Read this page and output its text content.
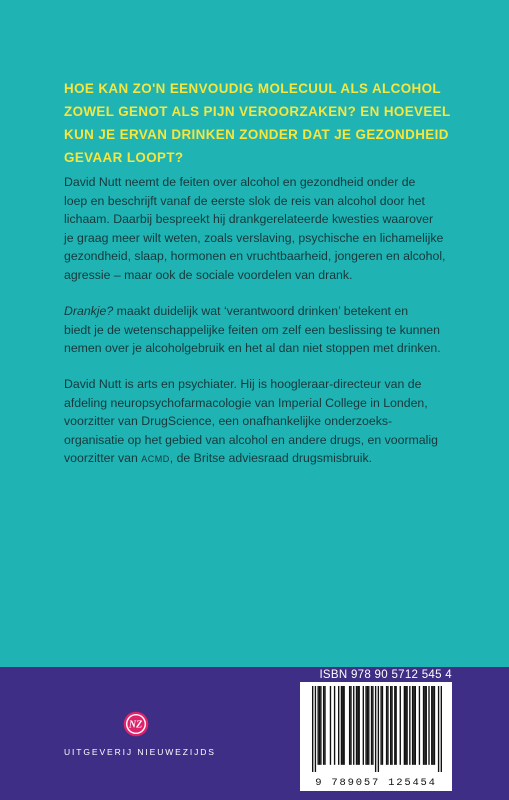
HOE KAN ZO'N EENVOUDIG MOLECUUL ALS ALCOHOL
ZOWEL GENOT ALS PIJN VEROORZAKEN? EN HOEVEEL
KUN JE ERVAN DRINKEN ZONDER DAT JE GEZONDHEID
GEVAAR LOOPT?

David Nutt neemt de feiten over alcohol en gezondheid onder de
loep en beschrijft vanaf de eerste slok de reis van alcohol door het
lichaam. Daarbij bespreekt hij drankgerelateerde kwesties waarover
je graag meer wilt weten, zoals verslaving, psychische en lichamelijke
gezondheid, slaap, hormonen en vruchtbaarheid, jongeren en alcohol,
agressie – maar ook de sociale voordelen van drank.

Drankje? maakt duidelijk wat ‘verantwoord drinken’ betekent en
biedt je de wetenschappelijke feiten om zelf een beslissing te kunnen
nemen over je alcoholgebruik en het al dan niet stoppen met drinken.

David Nutt is arts en psychiater. Hij is hoogleraar-directeur van de
afdeling neuropsychofarmacologie van Imperial College in Londen,
voorzitter van DrugScience, een onafhankelijke onderzoeks-
organisatie op het gebied van alcohol en andere drugs, en voormalig
voorzitter van ACMD, de Britse adviesraad drugsmisbruik.

NZ

UITGEVERIJ NIEUWEZIJDS

ISBN 978 90 5712 545 4

9 789057 125454
